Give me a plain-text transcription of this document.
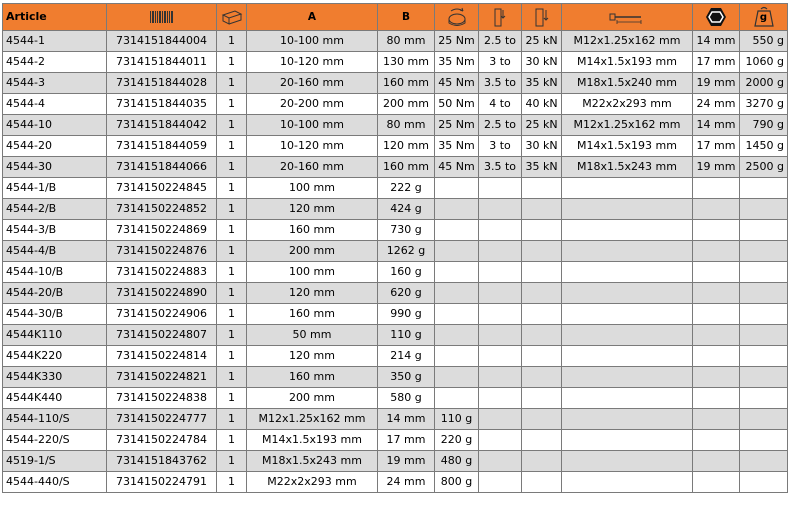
Article			A	B						g

4544-1	7314151844004	1	10-100 mm	80 mm	25 Nm	2.5 to	25 kN	M12x1.25x162 mm	14 mm	550 g
4544-2	7314151844011	1	10-120 mm	130 mm	35 Nm	3 to	30 kN	M14x1.5x193 mm	17 mm	1060 g
4544-3	7314151844028	1	20-160 mm	160 mm	45 Nm	3.5 to	35 kN	M18x1.5x240 mm	19 mm	2000 g
4544-4	7314151844035	1	20-200 mm	200 mm	50 Nm	4 to	40 kN	M22x2x293 mm	24 mm	3270 g
4544-10	7314151844042	1	10-100 mm	80 mm	25 Nm	2.5 to	25 kN	M12x1.25x162 mm	14 mm	790 g
4544-20	7314151844059	1	10-120 mm	120 mm	35 Nm	3 to	30 kN	M14x1.5x193 mm	17 mm	1450 g
4544-30	7314151844066	1	20-160 mm	160 mm	45 Nm	3.5 to	35 kN	M18x1.5x243 mm	19 mm	2500 g
4544-1/B	7314150224845	1	100 mm	222 g						
4544-2/B	7314150224852	1	120 mm	424 g						
4544-3/B	7314150224869	1	160 mm	730 g						
4544-4/B	7314150224876	1	200 mm	1262 g						
4544-10/B	7314150224883	1	100 mm	160 g						
4544-20/B	7314150224890	1	120 mm	620 g						
4544-30/B	7314150224906	1	160 mm	990 g						
4544K110	7314150224807	1	50 mm	110 g						
4544K220	7314150224814	1	120 mm	214 g						
4544K330	7314150224821	1	160 mm	350 g						
4544K440	7314150224838	1	200 mm	580 g						
4544-110/S	7314150224777	1	M12x1.25x162 mm	14 mm	110 g					
4544-220/S	7314150224784	1	M14x1.5x193 mm	17 mm	220 g					
4519-1/S	7314151843762	1	M18x1.5x243 mm	19 mm	480 g					
4544-440/S	7314150224791	1	M22x2x293 mm	24 mm	800 g					
